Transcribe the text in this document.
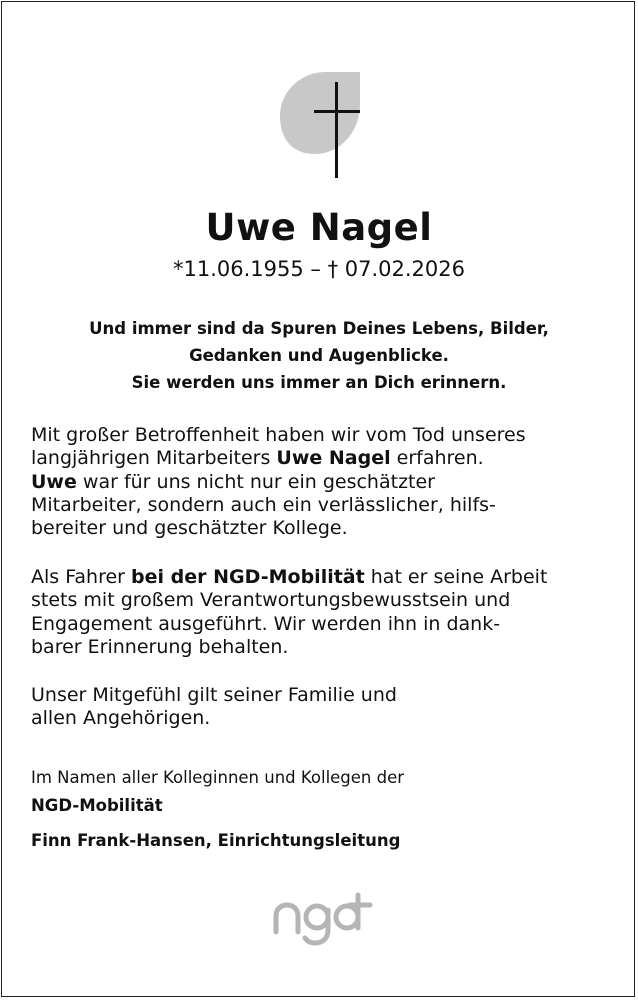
Uwe Nagel
*11.06.1955 – † 07.02.2026
Und immer sind da Spuren Deines Lebens, Bilder,
Gedanken und Augenblicke.
Sie werden uns immer an Dich erinnern.
Mit großer Betroffenheit haben wir vom Tod unseres
langjährigen Mitarbeiters Uwe Nagel erfahren.
Uwe war für uns nicht nur ein geschätzter
Mitarbeiter, sondern auch ein verlässlicher, hilfs-
bereiter und geschätzter Kollege.
Als Fahrer bei der NGD-Mobilität hat er seine Arbeit
stets mit großem Verantwortungsbewusstsein und
Engagement ausgeführt. Wir werden ihn in dank-
barer Erinnerung behalten.
Unser Mitgefühl gilt seiner Familie und
allen Angehörigen.
Im Namen aller Kolleginnen und Kollegen der
NGD-Mobilität
Finn Frank-Hansen, Einrichtungsleitung
